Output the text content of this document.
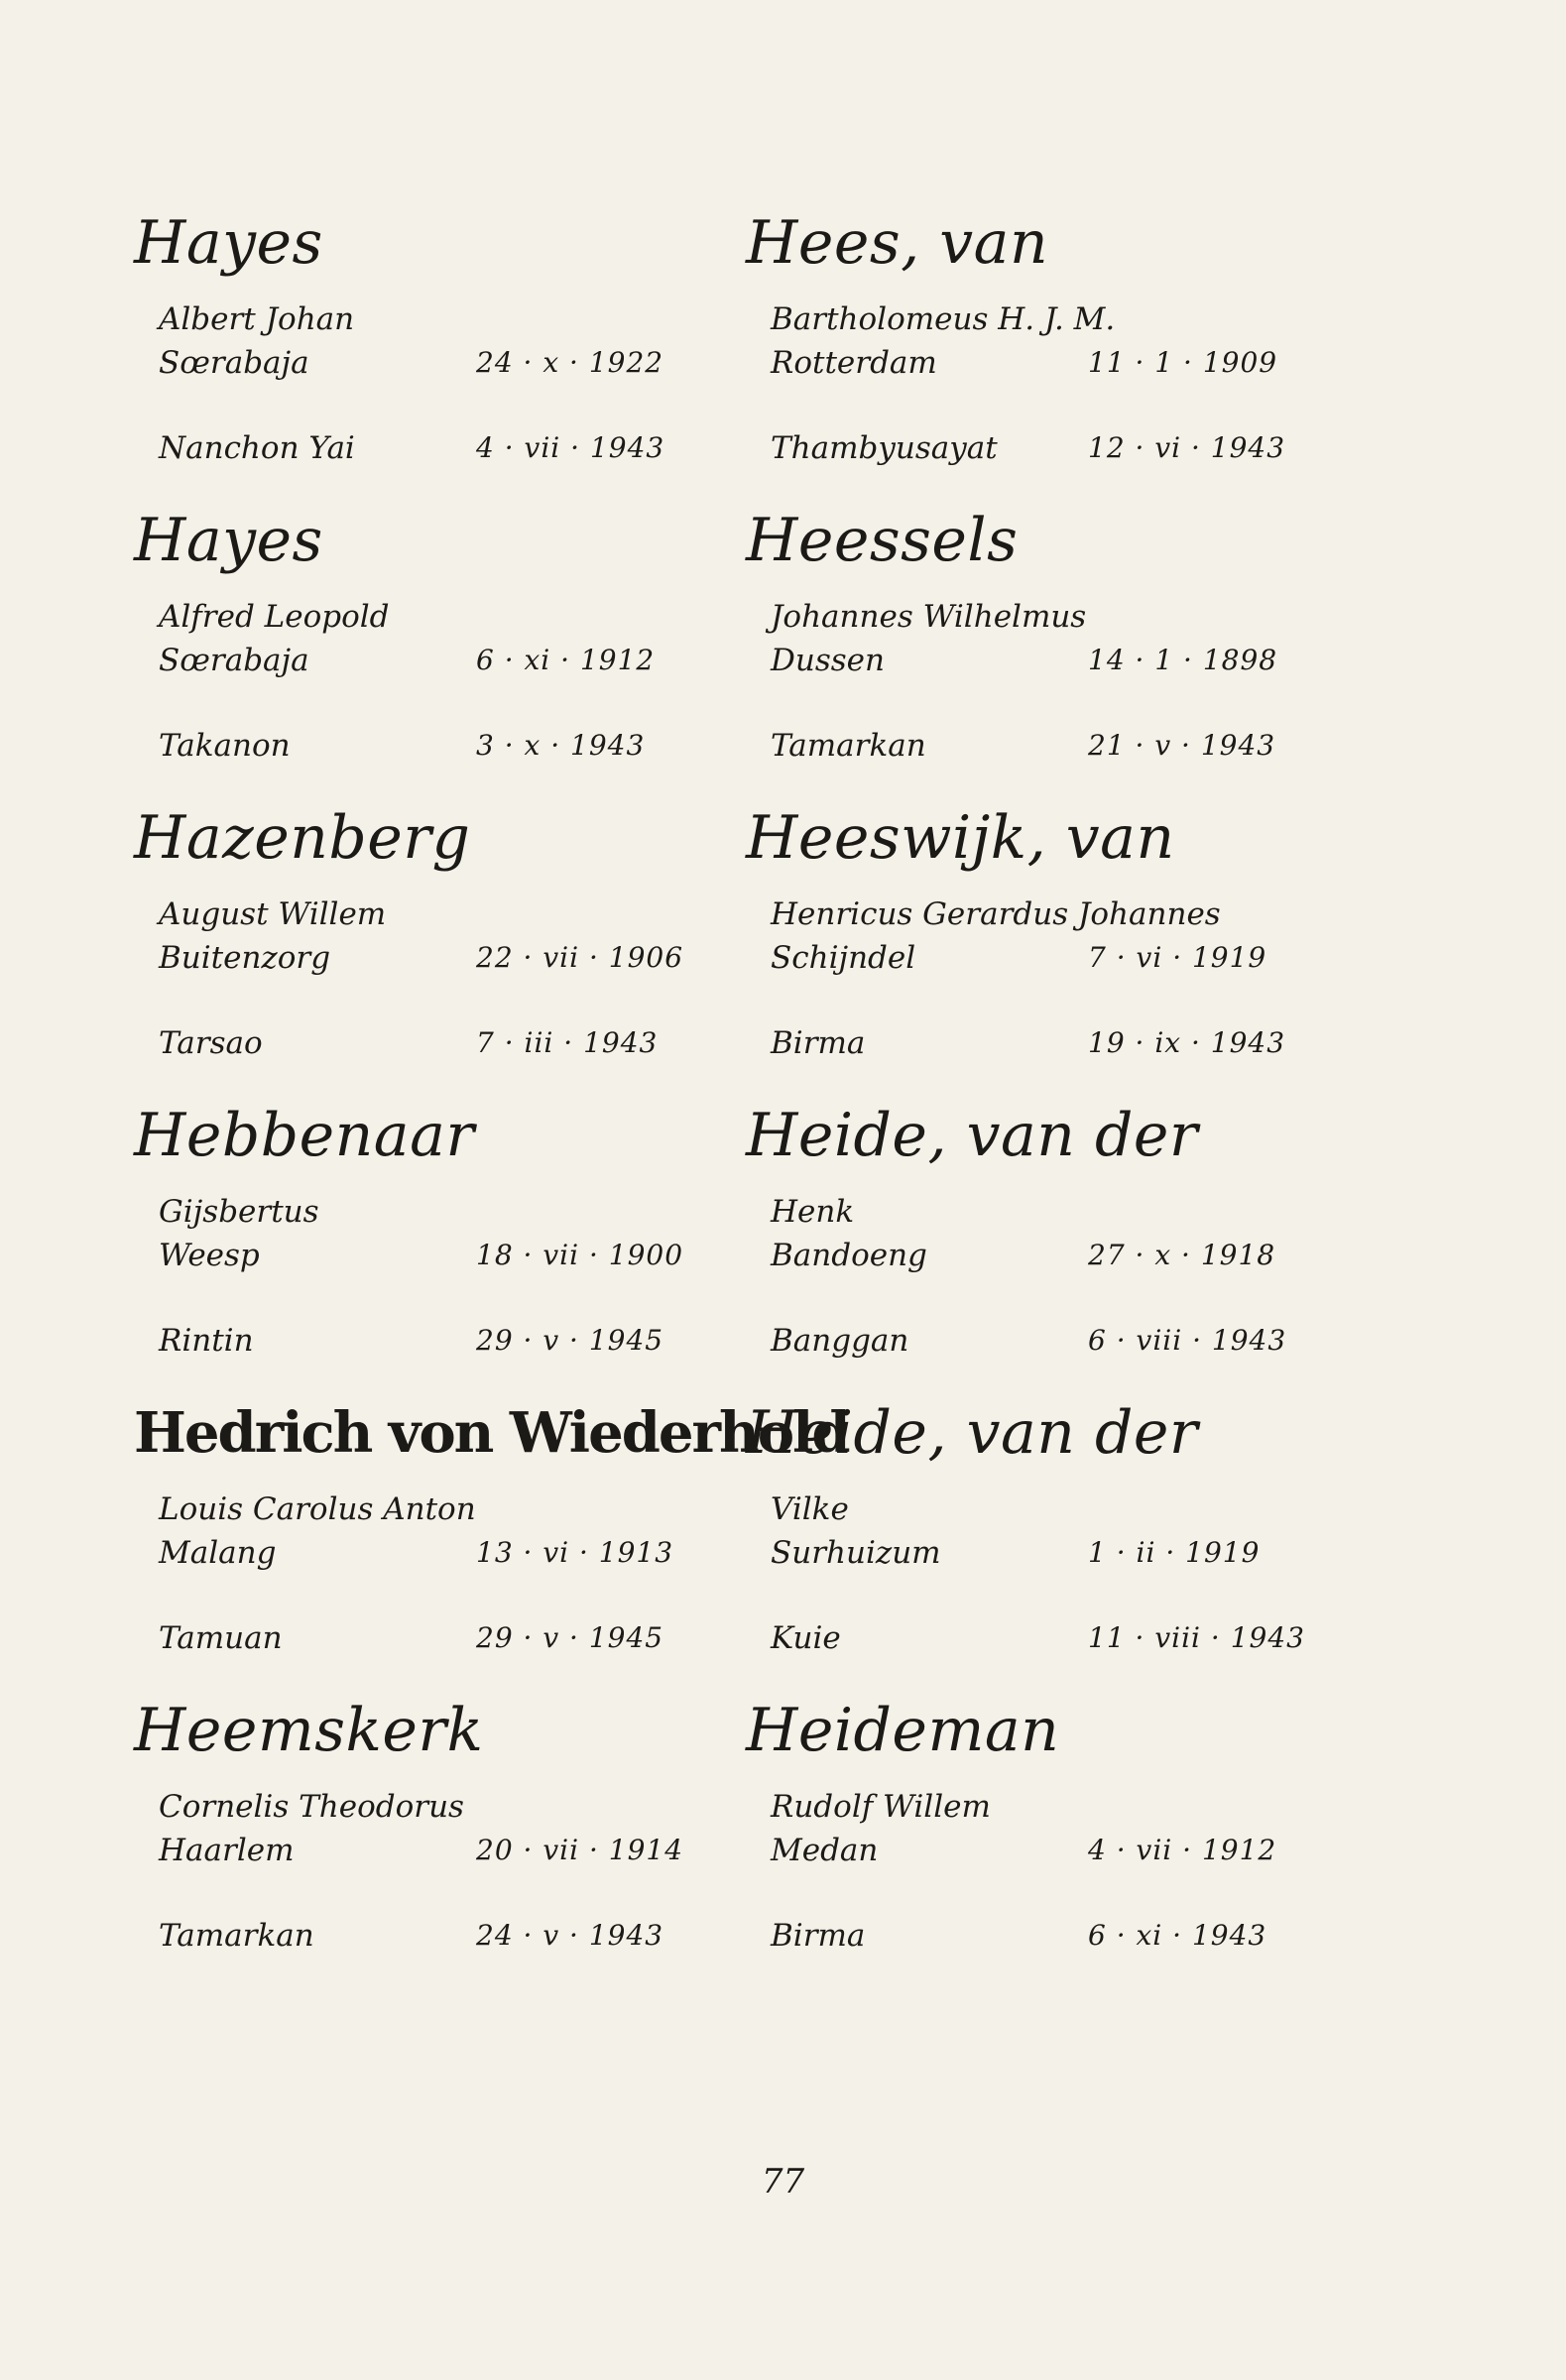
Hayes
Albert Johan
Sœrabaja	24 · x · 1922
Nanchon Yai	4 · vii · 1943
Hayes
Alfred Leopold
Sœrabaja	6 · xi · 1912
Takanon	3 · x · 1943
Hazenberg
August Willem
Buitenzorg	22 · vii · 1906
Tarsao	7 · iii · 1943
Hebbenaar
Gijsbertus
Weesp	18 · vii · 1900
Rintin	29 · v · 1945
Hedrich von Wiederhold
Louis Carolus Anton
Malang	13 · vi · 1913
Tamuan	29 · v · 1945
Heemskerk
Cornelis Theodorus
Haarlem	20 · vii · 1914
Tamarkan	24 · v · 1943
Hees, van
Bartholomeus H. J. M.
Rotterdam	11 · 1 · 1909
Thambyusayat	12 · vi · 1943
Heessels
Johannes Wilhelmus
Dussen	14 · 1 · 1898
Tamarkan	21 · v · 1943
Heeswijk, van
Henricus Gerardus Johannes
Schijndel	7 · vi · 1919
Birma	19 · ix · 1943
Heide, van der
Henk
Bandoeng	27 · x · 1918
Banggan	6 · viii · 1943
Heide, van der
Vilke
Surhuizum	1 · ii · 1919
Kuie	11 · viii · 1943
Heideman
Rudolf Willem
Medan	4 · vii · 1912
Birma	6 · xi · 1943
77
